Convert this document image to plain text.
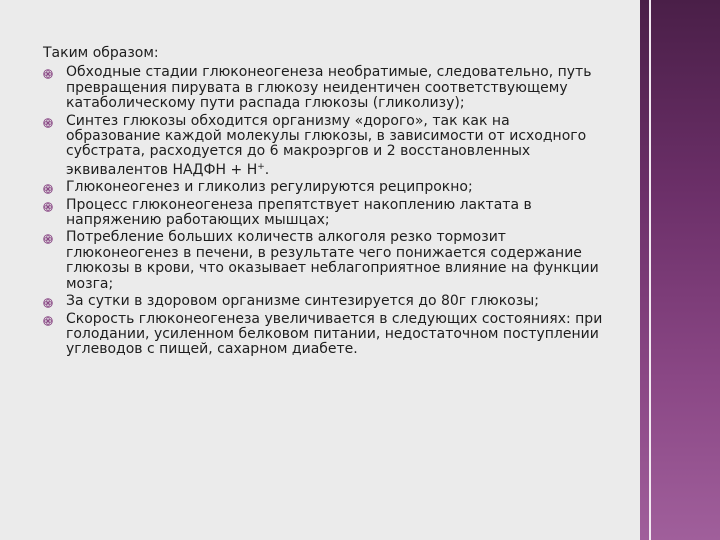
Таким образом:

Обходные стадии глюконеогенеза необратимые, следовательно, путь превращения пирувата в глюкозу неидентичен соответствующему катаболическому пути распада глюкозы (гликолизу);
Синтез глюкозы обходится организму «дорого», так как на образование каждой молекулы глюкозы, в зависимости от исходного субстрата, расходуется до 6 макроэргов и 2 восстановленных эквивалентов НАДФН + Н+.
Глюконеогенез и гликолиз регулируются реципрокно;
Процесс глюконеогенеза препятствует накоплению лактата в напряжению работающих мышцах;
Потребление больших количеств алкоголя резко тормозит глюконеогенез в печени, в результате чего понижается содержание глюкозы в крови, что оказывает неблагоприятное влияние на функции мозга;
За сутки в здоровом организме синтезируется до 80г глюкозы;
Скорость глюконеогенеза увеличивается в следующих состояниях: при голодании, усиленном белковом питании, недостаточном поступлении углеводов с пищей, сахарном диабете.
